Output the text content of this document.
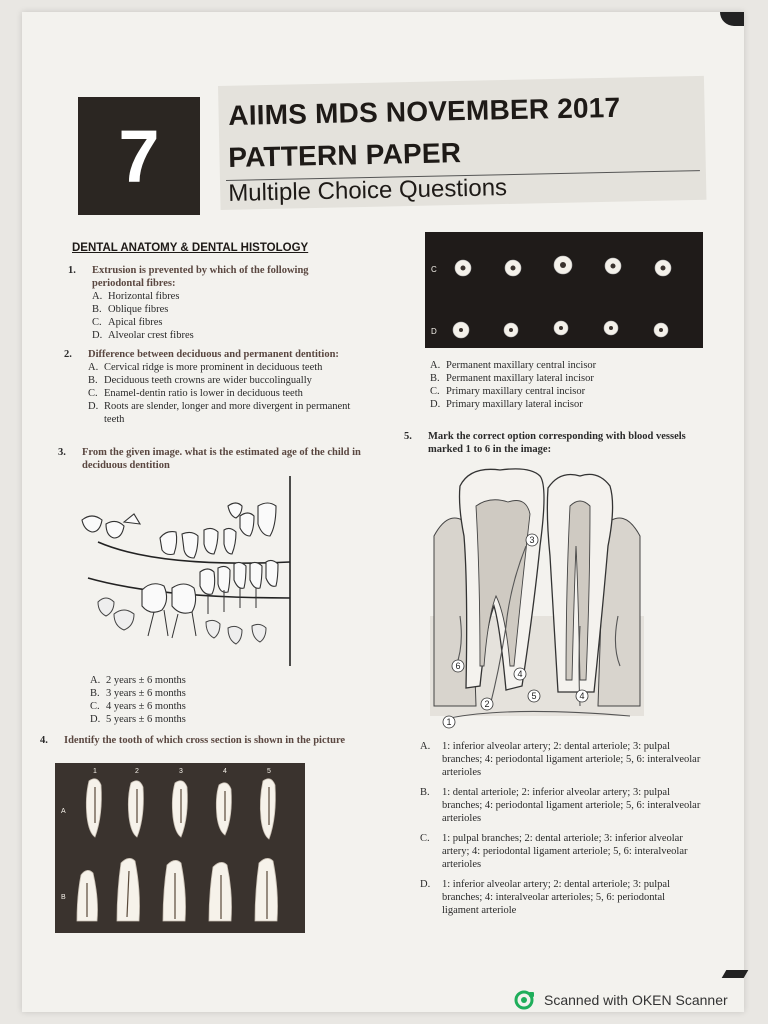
7
AIIMS MDS NOVEMBER 2017
PATTERN PAPER
Multiple Choice Questions
DENTAL ANATOMY & DENTAL HISTOLOGY
1. Extrusion is prevented by which of the following periodontal fibres:
A. Horizontal fibres
B. Oblique fibres
C. Apical fibres
D. Alveolar crest fibres
2. Difference between deciduous and permanent dentition:
A. Cervical ridge is more prominent in deciduous teeth
B. Deciduous teeth crowns are wider buccolingually
C. Enamel-dentin ratio is lower in deciduous teeth
D. Roots are slender, longer and more divergent in permanent teeth
3. From the given image. what is the estimated age of the child in deciduous dentition
A. 2 years ± 6 months
B. 3 years ± 6 months
C. 4 years ± 6 months
D. 5 years ± 6 months
4. Identify the tooth of which cross section is shown in the picture
1	2	3	4	5
A
B
C
D
A. Permanent maxillary central incisor
B. Permanent maxillary lateral incisor
C. Primary maxillary central incisor
D. Primary maxillary lateral incisor
5. Mark the correct option corresponding with blood vessels marked 1 to 6 in the image:
1
2
3
4
5
6
4
A.	1: inferior alveolar artery; 2: dental arteriole; 3: pulpal branches; 4: periodontal ligament arteriole; 5, 6: interalveolar arterioles
B.	1: dental arteriole; 2: inferior alveolar artery; 3: pulpal branches; 4: periodontal ligament arteriole; 5, 6: interalveolar arterioles
C.	1: pulpal branches; 2: dental arteriole; 3: inferior alveolar artery; 4: periodontal ligament arteriole; 5, 6: interalveolar arterioles
D.	1: inferior alveolar artery; 2: dental arteriole; 3: pulpal branches; 4: interalveolar arterioles; 5, 6: periodontal ligament arteriole
Scanned with OKEN Scanner
